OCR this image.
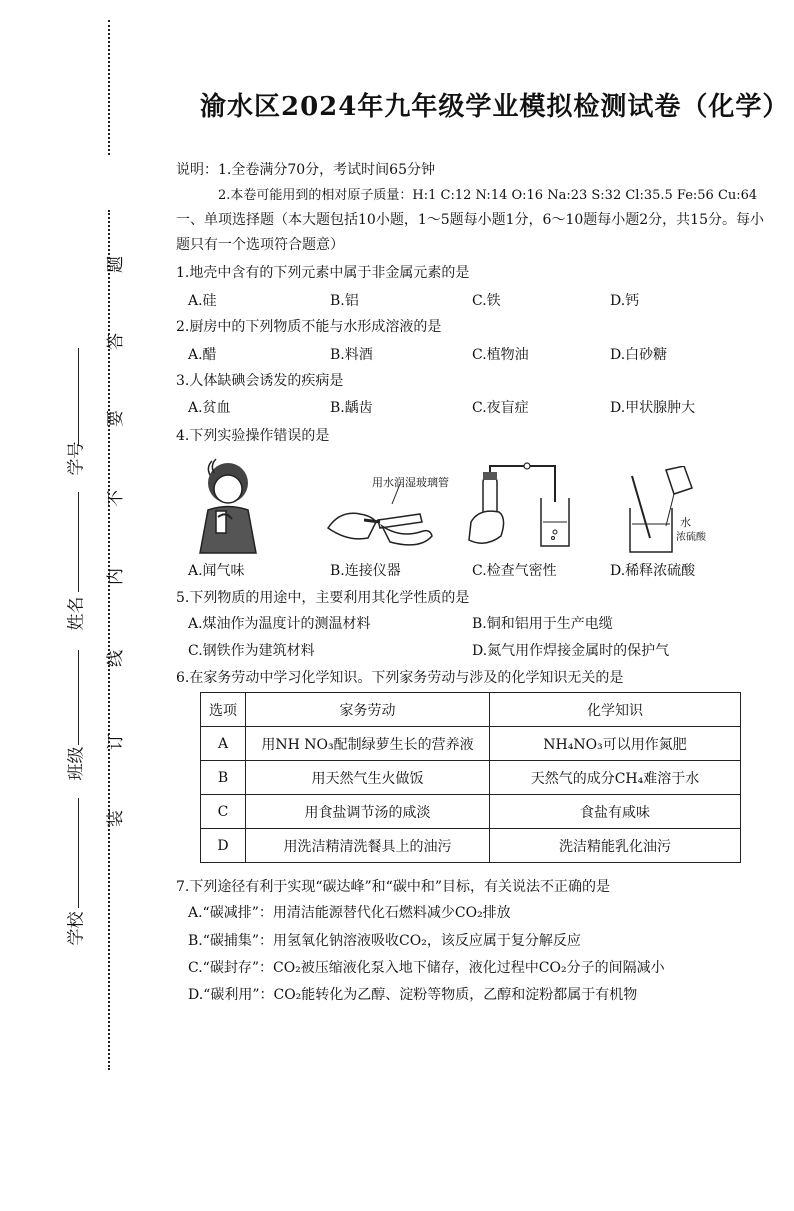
题
答
要
不
内
线
订
装
学号
姓名
班级
学校
渝水区2024年九年级学业模拟检测试卷（化学）
说明：1.全卷满分70分，考试时间65分钟
2.本卷可能用到的相对原子质量：H:1 C:12 N:14 O:16 Na:23 S:32 Cl:35.5 Fe:56 Cu:64
一、单项选择题（本大题包括10小题，1～5题每小题1分，6～10题每小题2分，共15分。每小
题只有一个选项符合题意）
1.地壳中含有的下列元素中属于非金属元素的是
A.硅	B.铝	C.铁	D.钙
2.厨房中的下列物质不能与水形成溶液的是
A.醋	B.料酒	C.植物油	D.白砂糖
3.人体缺碘会诱发的疾病是
A.贫血	B.龋齿	C.夜盲症	D.甲状腺肿大
4.下列实验操作错误的是
用水润湿玻璃管
水
浓硫酸
A.闻气味	B.连接仪器	C.检查气密性	D.稀释浓硫酸
5.下列物质的用途中，主要利用其化学性质的是
A.煤油作为温度计的测温材料	B.铜和铝用于生产电缆
C.钢铁作为建筑材料	D.氮气用作焊接金属时的保护气
6.在家务劳动中学习化学知识。下列家务劳动与涉及的化学知识无关的是
选项	家务劳动	化学知识
A	用NH NO₃配制绿萝生长的营养液	NH₄NO₃可以用作氮肥
B	用天然气生火做饭	天然气的成分CH₄难溶于水
C	用食盐调节汤的咸淡	食盐有咸味
D	用洗洁精清洗餐具上的油污	洗洁精能乳化油污
7.下列途径有利于实现“碳达峰”和“碳中和”目标，有关说法不正确的是
A.“碳减排”：用清洁能源替代化石燃料减少CO₂排放
B.“碳捕集”：用氢氧化钠溶液吸收CO₂，该反应属于复分解反应
C.“碳封存”：CO₂被压缩液化泵入地下储存，液化过程中CO₂分子的间隔减小
D.“碳利用”：CO₂能转化为乙醇、淀粉等物质，乙醇和淀粉都属于有机物
